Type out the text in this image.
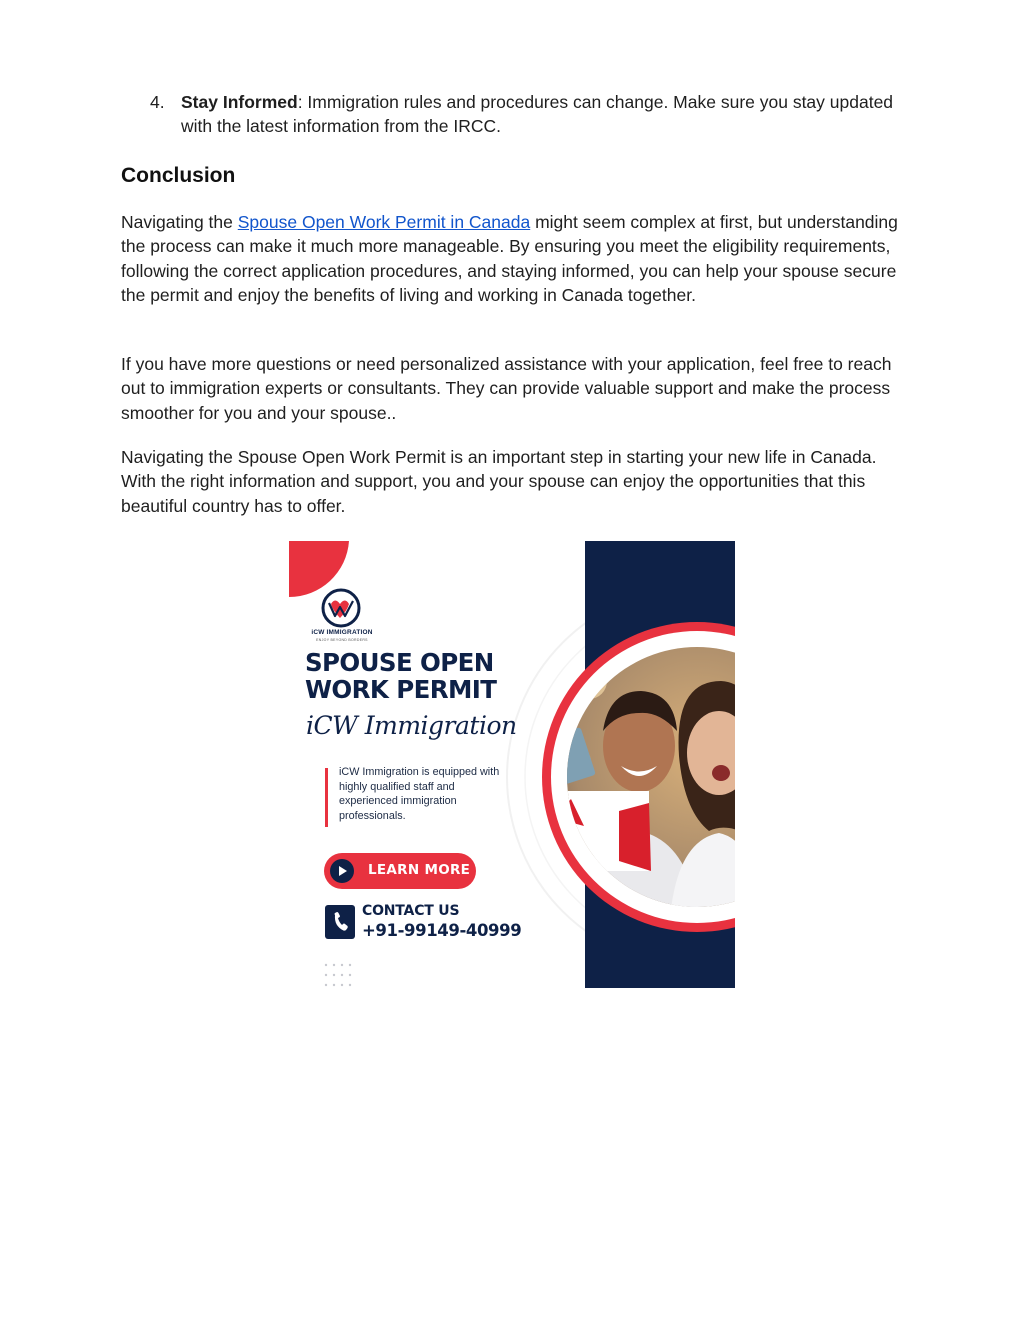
4. Stay Informed: Immigration rules and procedures can change. Make sure you stay updated with the latest information from the IRCC.
Conclusion

Navigating the Spouse Open Work Permit in Canada might seem complex at first, but understanding the process can make it much more manageable. By ensuring you meet the eligibility requirements, following the correct application procedures, and staying informed, you can help your spouse secure the permit and enjoy the benefits of living and working in Canada together.

If you have more questions or need personalized assistance with your application, feel free to reach out to immigration experts or consultants. They can provide valuable support and make the process smoother for you and your spouse..

Navigating the Spouse Open Work Permit is an important step in starting your new life in Canada. With the right information and support, you and your spouse can enjoy the opportunities that this beautiful country has to offer.

iCW IMMIGRATION
ENJOY BEYOND BORDERS
SPOUSE OPEN
WORK PERMIT
iCW Immigration
iCW Immigration is equipped with highly qualified staff and experienced immigration professionals.
LEARN MORE
CONTACT US
+91-99149-40999
